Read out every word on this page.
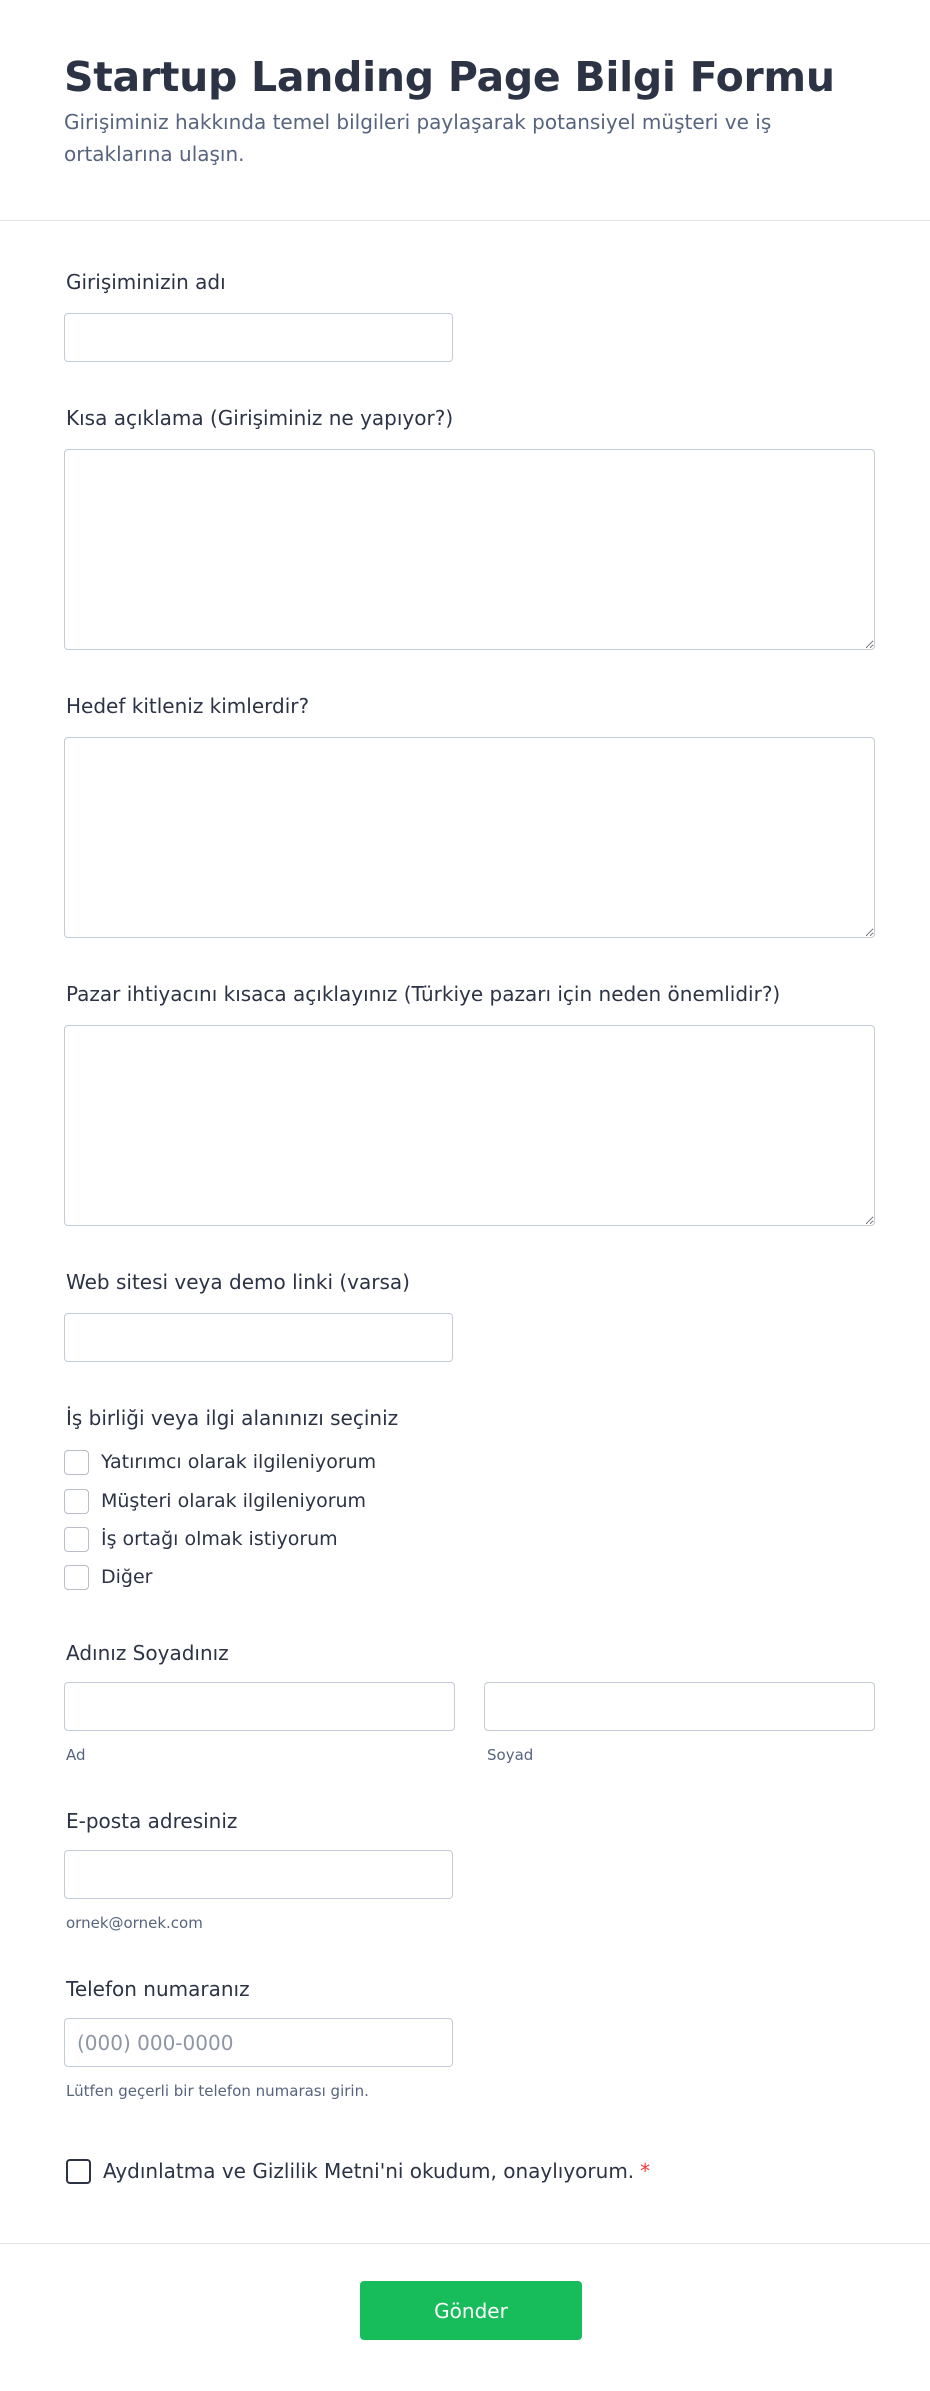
Startup Landing Page Bilgi Formu

Girişiminiz hakkında temel bilgileri paylaşarak potansiyel müşteri ve iş ortaklarına ulaşın.

Girişiminizin adı
Kısa açıklama (Girişiminiz ne yapıyor?)
Hedef kitleniz kimlerdir?
Pazar ihtiyacını kısaca açıklayınız (Türkiye pazarı için neden önemlidir?)
Web sitesi veya demo linki (varsa)
İş birliği veya ilgi alanınızı seçiniz
Yatırımcı olarak ilgileniyorum
Müşteri olarak ilgileniyorum
İş ortağı olmak istiyorum
Diğer
Adınız Soyadınız
Ad	Soyad
E-posta adresiniz
ornek@ornek.com
Telefon numaranız
(000) 000-0000
Lütfen geçerli bir telefon numarası girin.
Aydınlatma ve Gizlilik Metni'ni okudum, onaylıyorum. *
Gönder
